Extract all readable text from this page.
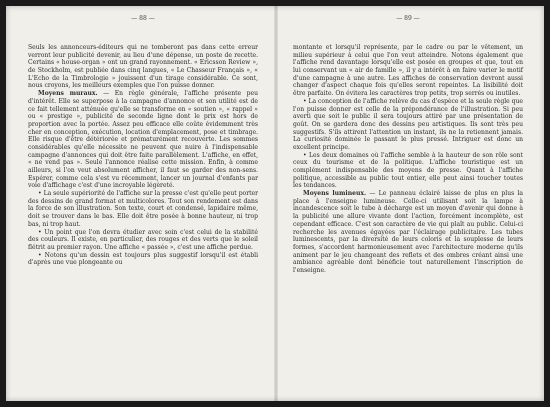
— 88 —

Seuls les annonceurs-éditeurs qui ne tomberont pas dans cette erreur verront leur publicité devenir, au lieu d'une dépense, un poste de recette. Certains « house-organ » ont un grand rayonnement. « Ericsson Review », de Stockholm, est publiée dans cinq langues, « Le Chasseur Français », « L'Echo de la Timbrologie » jouissent d'un tirage considérable. Ce sont, nous croyons, les meilleurs exemples que l'on puisse donner.

Moyens muraux. — En règle générale, l'affiche présente peu d'intérêt. Elle se superpose à la campagne d'annonce et son utilité est de ce fait tellement atténuée qu'elle se transforme en « soutien », « rappel » ou « prestige », publicité de seconde ligne dont le prix est hors de proportion avec la portée. Assez peu efficace elle coûte évidemment très cher en conception, exécution, location d'emplacement, pose et timbrage. Elle risque d'être détériorée et prématurément recouverte. Les sommes considérables qu'elle nécessite ne peuvent que nuire à l'indispensable campagne d'annonces qui doit être faite parallèlement. L'affiche, en effet, « ne vend pas ». Seule l'annonce réalise cette mission. Enfin, à comme ailleurs, si l'on veut absolument afficher, il faut se garder des non-sens. Espérer, comme cela s'est vu récemment, lancer un journal d'enfants par voie d'affichage c'est d'une incroyable légèreté.

• La seule supériorité de l'affiche sur la presse c'est qu'elle peut porter des dessins de grand format et multicolores. Tout son rendement est dans la force de son illustration. Son texte, court et condensé, lapidaire même, doit se trouver dans le bas. Elle doit être posée à bonne hauteur, ni trop bas, ni trop haut.

• Un point que l'on devra étudier avec soin c'est celui de la stabilité des couleurs. Il existe, en particulier, des rouges et des verts que le soleil flétrit au premier rayon. Une affiche « passée », c'est une affiche perdue.

• Notons qu'un dessin est toujours plus suggestif lorsqu'il est établi d'après une vue plongeante ou

— 89 —

montante et lorsqu'il représente, par le cadre ou par le vêtement, un milieu supérieur à celui que l'on veut atteindre. Notons également que l'affiche rend davantage lorsqu'elle est posée en groupes et que, tout en lui conservant un « air de famille », il y a intérêt à en faire varier le motif d'une campagne à une autre. Les affiches de conservation devront aussi changer d'aspect chaque fois qu'elles seront repeintes. La lisibilité doit être parfaite. On évitera les caractères trop petits, trop serrés ou inutiles.

• La conception de l'affiche relève du cas d'espèce et la seule règle que l'on puisse donner est celle de la prépondérance de l'illustration. Si peu averti que soit le public il sera toujours attiré par une présentation de goût. On se gardera donc des dessins peu artistiques. Ils sont très peu suggestifs. S'ils attirent l'attention un instant, ils ne la retiennent jamais. La curiosité dominée le passant le plus pressé. Intriguer est donc un excellent principe.

• Les deux domaines où l'affiche semble à la hauteur de son rôle sont ceux du tourisme et de la politique. L'affiche touristique est un complément indispensable des moyens de presse. Quant à l'affiche politique, accessible au public tout entier, elle peut ainsi toucher toutes les tendances.

Moyens lumineux. — Le panneau éclairé laisse de plus en plus la place à l'enseigne lumineuse. Celle-ci utilisant soit la lampe à incandescence soit le tube à décharge est un moyen d'avenir qui donne à la publicité une allure vivante dont l'action, forcément incomplète, est cependant efficace. C'est son caractère de vie qui plaît au public. Celui-ci recherche les avenues égayées par l'éclairage publicitaire. Les tubes luminescents, par la diversité de leurs coloris et la souplesse de leurs formes, s'accordent harmonieusement avec l'architecture moderne qu'ils animent par le jeu changeant des reflets et des ombres créant ainsi une ambiance agréable dont bénéficie tout naturellement l'inscription de l'enseigne.
